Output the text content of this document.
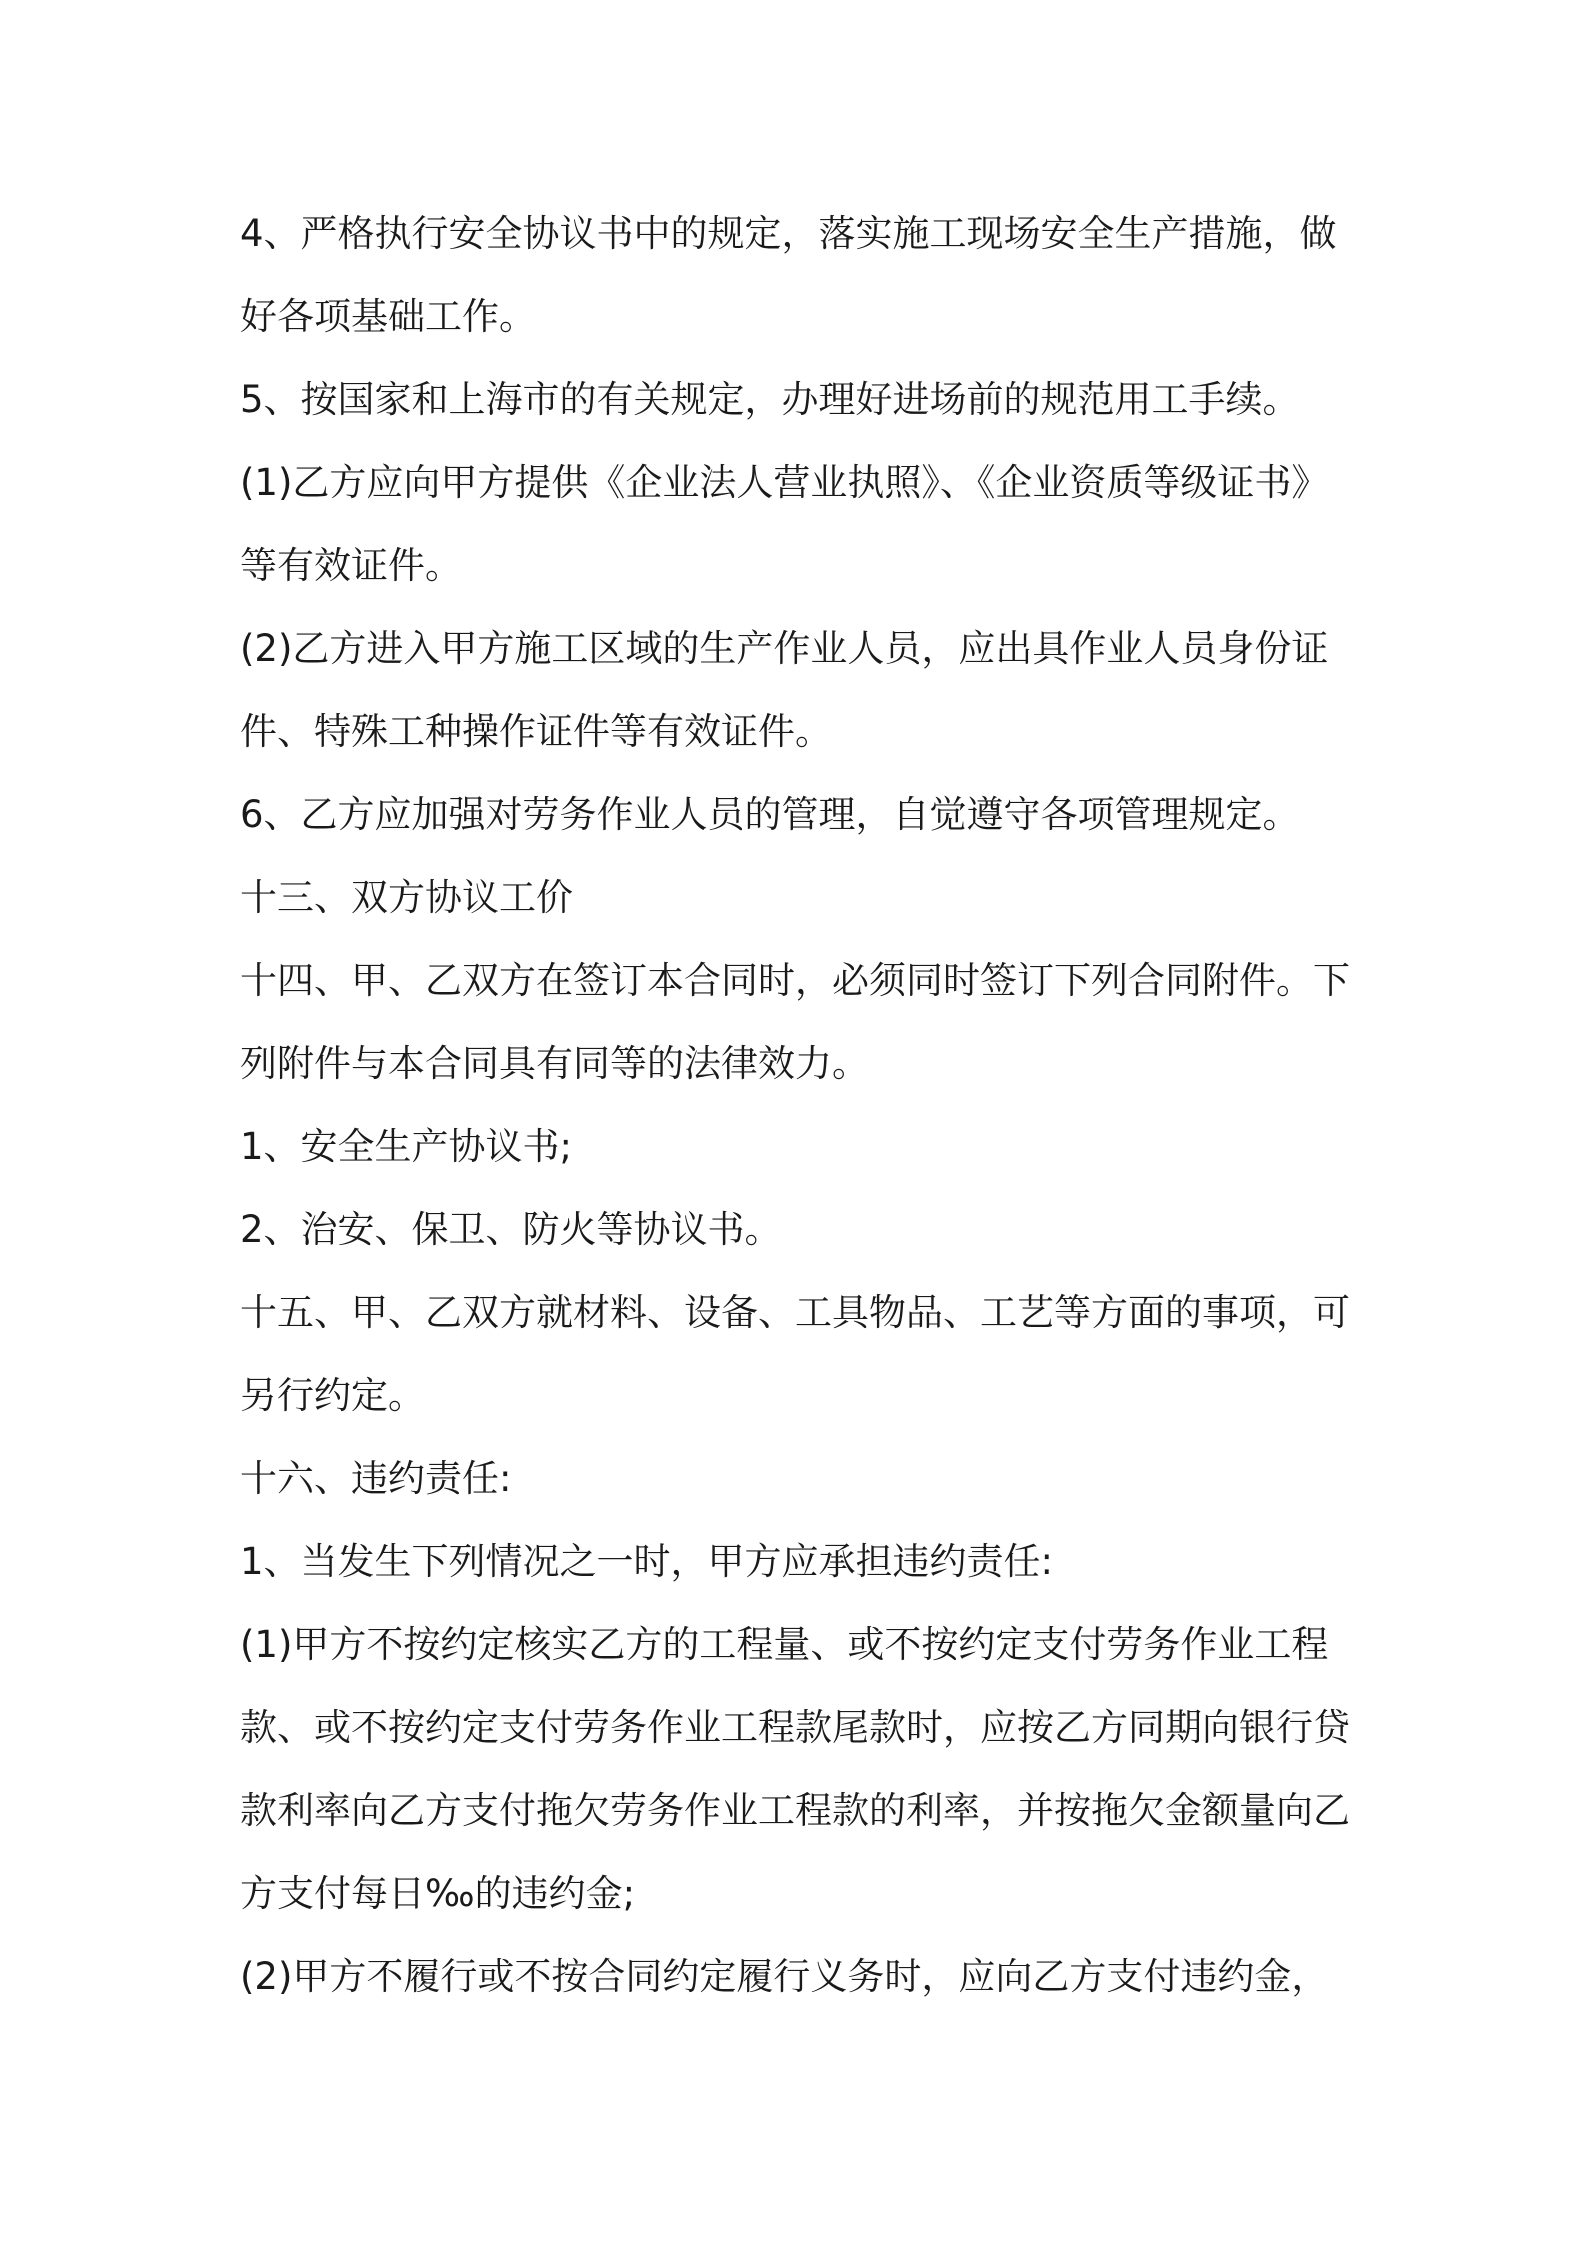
4、严格执行安全协议书中的规定，落实施工现场安全生产措施，做
好各项基础工作。
5、按国家和上海市的有关规定，办理好进场前的规范用工手续。
(1)乙方应向甲方提供《企业法人营业执照》、《企业资质等级证书》
等有效证件。
(2)乙方进入甲方施工区域的生产作业人员，应出具作业人员身份证
件、特殊工种操作证件等有效证件。
6、乙方应加强对劳务作业人员的管理，自觉遵守各项管理规定。
十三、双方协议工价
十四、甲、乙双方在签订本合同时，必须同时签订下列合同附件。下
列附件与本合同具有同等的法律效力。
1、安全生产协议书;
2、治安、保卫、防火等协议书。
十五、甲、乙双方就材料、设备、工具物品、工艺等方面的事项，可
另行约定。
十六、违约责任:
1、当发生下列情况之一时，甲方应承担违约责任:
(1)甲方不按约定核实乙方的工程量、或不按约定支付劳务作业工程
款、或不按约定支付劳务作业工程款尾款时，应按乙方同期向银行贷
款利率向乙方支付拖欠劳务作业工程款的利率，并按拖欠金额量向乙
方支付每日‰的违约金;
(2)甲方不履行或不按合同约定履行义务时，应向乙方支付违约金，
